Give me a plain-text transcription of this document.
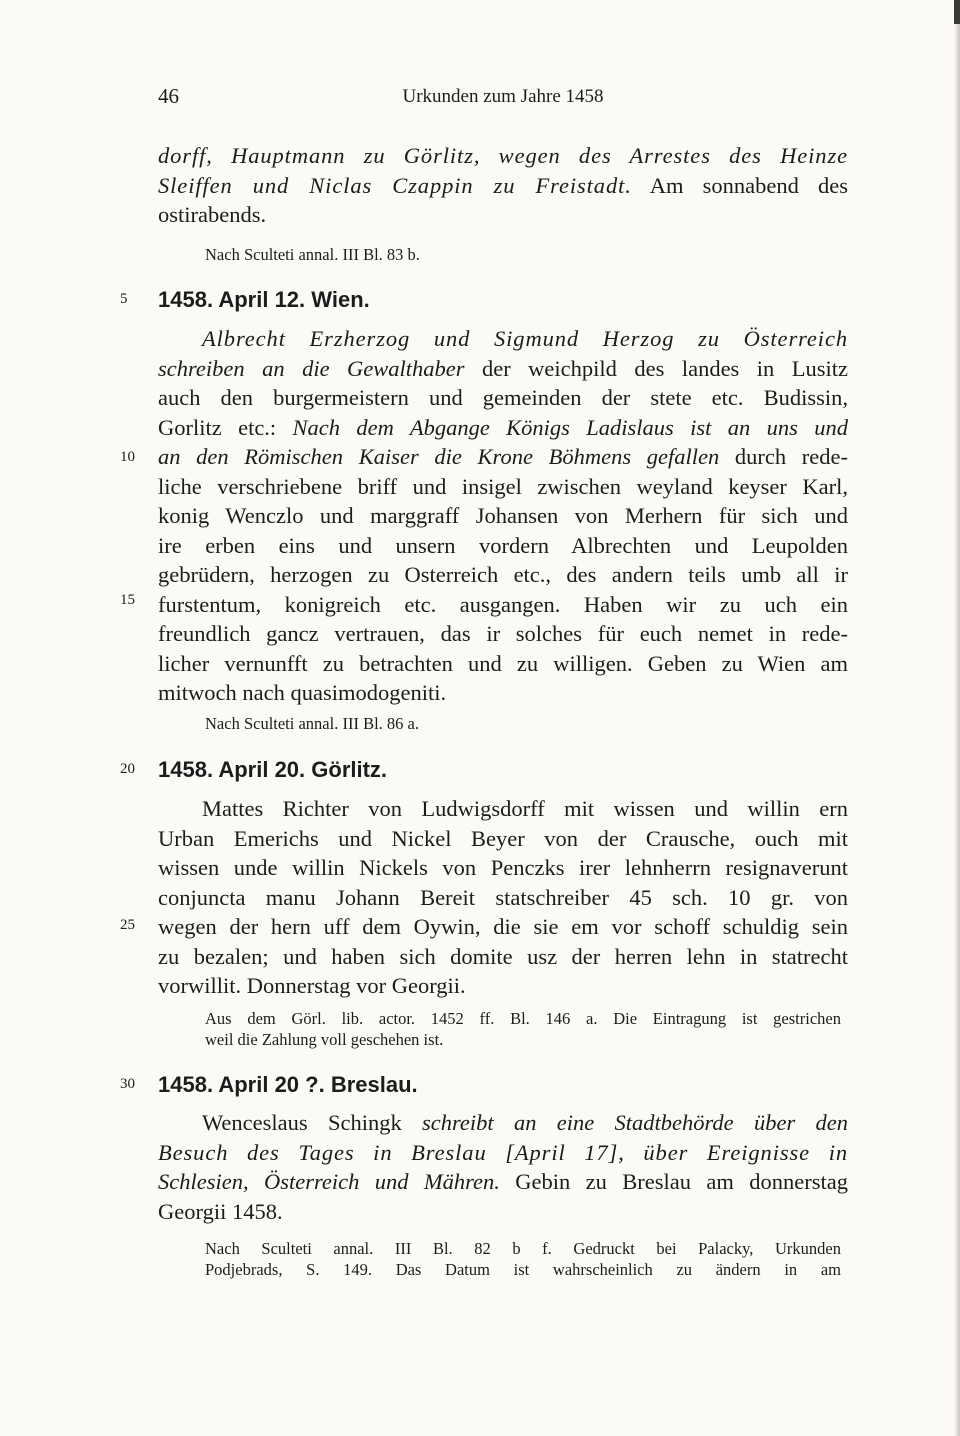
46	Urkunden zum Jahre 1458
5
10
15
20
25
30
dorff, Hauptmann zu Görlitz, wegen des Arrestes des Heinze
Sleiffen und Niclas Czappin zu Freistadt. Am sonnabend des
ostirabends.
Nach Sculteti annal. III Bl. 83 b.
1458. April 12. Wien.
Albrecht Erzherzog und Sigmund Herzog zu Österreich
schreiben an die Gewalthaber der weichpild des landes in Lusitz
auch den burgermeistern und gemeinden der stete etc. Budissin,
Gorlitz etc.: Nach dem Abgange Königs Ladislaus ist an uns und
an den Römischen Kaiser die Krone Böhmens gefallen durch rede-
liche verschriebene briff und insigel zwischen weyland keyser Karl,
konig Wenczlo und marggraff Johansen von Merhern für sich und
ire erben eins und unsern vordern Albrechten und Leupolden
gebrüdern, herzogen zu Osterreich etc., des andern teils umb all ir
furstentum, konigreich etc. ausgangen. Haben wir zu uch ein
freundlich gancz vertrauen, das ir solches für euch nemet in rede-
licher vernunfft zu betrachten und zu willigen. Geben zu Wien am
mitwoch nach quasimodogeniti.
Nach Sculteti annal. III Bl. 86 a.
1458. April 20. Görlitz.
Mattes Richter von Ludwigsdorff mit wissen und willin ern
Urban Emerichs und Nickel Beyer von der Crausche, ouch mit
wissen unde willin Nickels von Penczks irer lehnherrn resignaverunt
conjuncta manu Johann Bereit statschreiber 45 sch. 10 gr. von
wegen der hern uff dem Oywin, die sie em vor schoff schuldig sein
zu bezalen; und haben sich domite usz der herren lehn in statrecht
vorwillit. Donnerstag vor Georgii.
Aus dem Görl. lib. actor. 1452 ff. Bl. 146 a. Die Eintragung ist gestrichen
weil die Zahlung voll geschehen ist.
1458. April 20 ?. Breslau.
Wenceslaus Schingk schreibt an eine Stadtbehörde über den
Besuch des Tages in Breslau [April 17], über Ereignisse in
Schlesien, Österreich und Mähren. Gebin zu Breslau am donnerstag
Georgii 1458.
Nach Sculteti annal. III Bl. 82 b f. Gedruckt bei Palacky, Urkunden
Podjebrads, S. 149. Das Datum ist wahrscheinlich zu ändern in am
